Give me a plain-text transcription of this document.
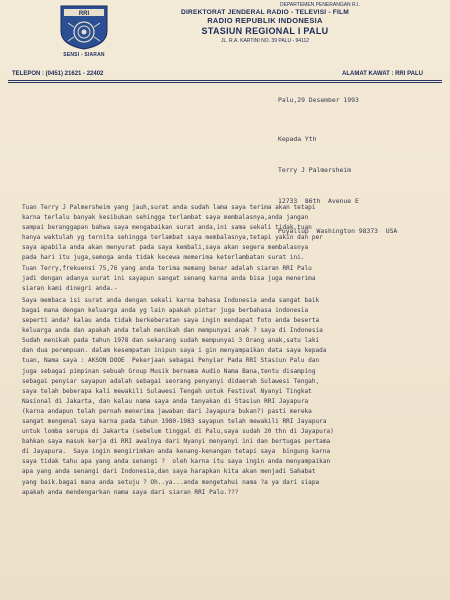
RRI
SENSI - SIARAN
DEPARTEMEN PENERANGAN R.I.
DIREKTORAT JENDERAL RADIO - TELEVISI - FILM
RADIO REPUBLIK INDONESIA
STASIUN REGIONAL I PALU
JL. R.A. KARTINI NO. 39 PALU - 94112
TELEPON : (0451) 21621 - 22402	ALAMAT KAWAT : RRI PALU
Palu,29 Desember 1993

Kepada Yth

Terry J Palmersheim

12733  86th  Avenue E

Puyallup  Washington 98373  USA

Tuan Terry J Palmersheim yang jauh,surat anda sudah lama saya terima akan tetapi
karna terlalu banyak kesibukan sehingga terlambat saya membalasnya,anda jangan
sampai beranggapan bahwa saya mengabaikan surat anda,ini sama sekali tidak tuan
hanya waktulah yg ternita sehingga terlambat saya membalasnya,tetapi yakin dan per
saya apabila anda akan menyurat pada saya kembali,saya akan segera membalasnya
pada hari itu juga,semoga anda tidak kecewa memerima keterlambatan surat ini.
Tuan Terry,frekuensi 75,76 yang anda terima memang benar adalah siaran RRI Palu
jadi dengan adanya surat ini sayapun sangat senang karna anda bisa juga menerima
siaran kami dinegri anda.-
Saya membaca isi surat anda dengan sekali karna bahasa Indonesia anda sangat baik
bagai mana dengan keluarga anda yg lain apakah pintar juga berbahasa indonesia
seperti anda? kalau anda tidak berkeberatan saya ingin mendapat foto anda beserta
keluarga anda dan apakah anda telah menikah dan mempunyai anak ? saya di Indonesia
Sudah menikah pada tahun 1978 dan sekarang sudah mempunyai 3 Orang anak,satu laki
dan dua perempuan. dalam kesempatan inipun saya i gin menyampaikan data saya kepada
tuan, Nama saya : AKSON DOOE  Pekerjaan sebagai Penyiar Pada RRI Stasiun Palu dan
juga sebagai pimpinan sebuah Group Musik bernama Audio Nama Bana,tentu disamping
sebagai penyiar sayapun adalah sebagai seorang penyanyi didaerah Sulawesi Tengah,
saya telah beberapa kali mewakili Sulawesi Tengah untuk Festival Nyanyi Tingkat
Nasional di Jakarta, dan kalau nama saya anda tanyakan di Stasiun RRI Jayapura
(karna andapun telah pernah menerima jawaban dari Jayapura bukan?) pasti mereka
sangat mengenal saya karna pada tahun 1980-1983 sayapun telah mewakili RRI Jayapura
untuk lomba serupa di Jakarta (sebelum tinggal di Palu,saya sudah 20 thn di Jayapura)
bahkan saya masuk kerja di RRI awalnya dari Nyanyi menyanyi ini dan bertugas pertama
di Jayapura.  Saya ingin mengirimkan anda kenang-kenangan tetapi saya  bingung karna
saya tidak tahu apa yang anda senangi ?  oleh karna itu saya ingin anda menyampaikan
apa yang anda senangi dari Indonesia,dan saya harapkan kita akan menjadi Sahabat
yang baik.bagai mana anda setuju ? Oh..ya...anda mengetahui nama ?a ya dari siapa
apakah anda mendengarkan nama saya dari siaran RRI Palu.???
